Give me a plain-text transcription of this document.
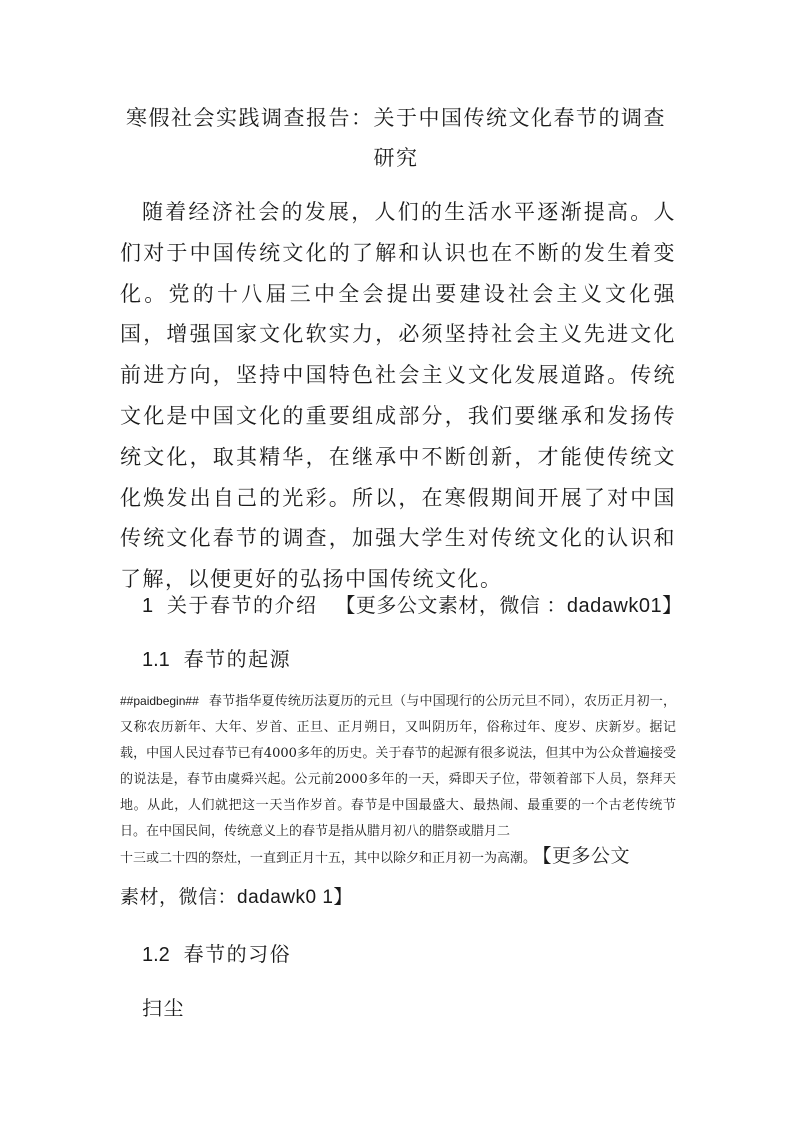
寒假社会实践调查报告：关于中国传统文化春节的调查研究

随着经济社会的发展，人们的生活水平逐渐提高。人们对于中国传统文化的了解和认识也在不断的发生着变化。党的十八届三中全会提出要建设社会主义文化强国，增强国家文化软实力，必须坚持社会主义先进文化前进方向，坚持中国特色社会主义文化发展道路。传统文化是中国文化的重要组成部分，我们要继承和发扬传统文化，取其精华，在继承中不断创新，才能使传统文化焕发出自己的光彩。所以，在寒假期间开展了对中国传统文化春节的调查，加强大学生对传统文化的认识和了解，以便更好的弘扬中国传统文化。

1 关于春节的介绍 【更多公文素材，微信 ：dadawk01】
1.1 春节的起源

##paidbegin## 春节指华夏传统历法夏历的元旦（与中国现行的公历元旦不同），农历正月初一，又称农历新年、大年、岁首、正旦、正月朔日，又叫阴历年，俗称过年、度岁、庆新岁。据记载，中国人民过春节已有4000多年的历史。关于春节的起源有很多说法，但其中为公众普遍接受的说法是，春节由虞舜兴起。公元前2000多年的一天，舜即天子位，带领着部下人员，祭拜天地。从此，人们就把这一天当作岁首。春节是中国最盛大、最热闹、最重要的一个古老传统节日。在中国民间，传统意义上的春节是指从腊月初八的腊祭或腊月二

十三或二十四的祭灶，一直到正月十五，其中以除夕和正月初一为高潮。 【更多公文

素材，微信：dadawk0 1】

1.2 春节的习俗
扫尘
